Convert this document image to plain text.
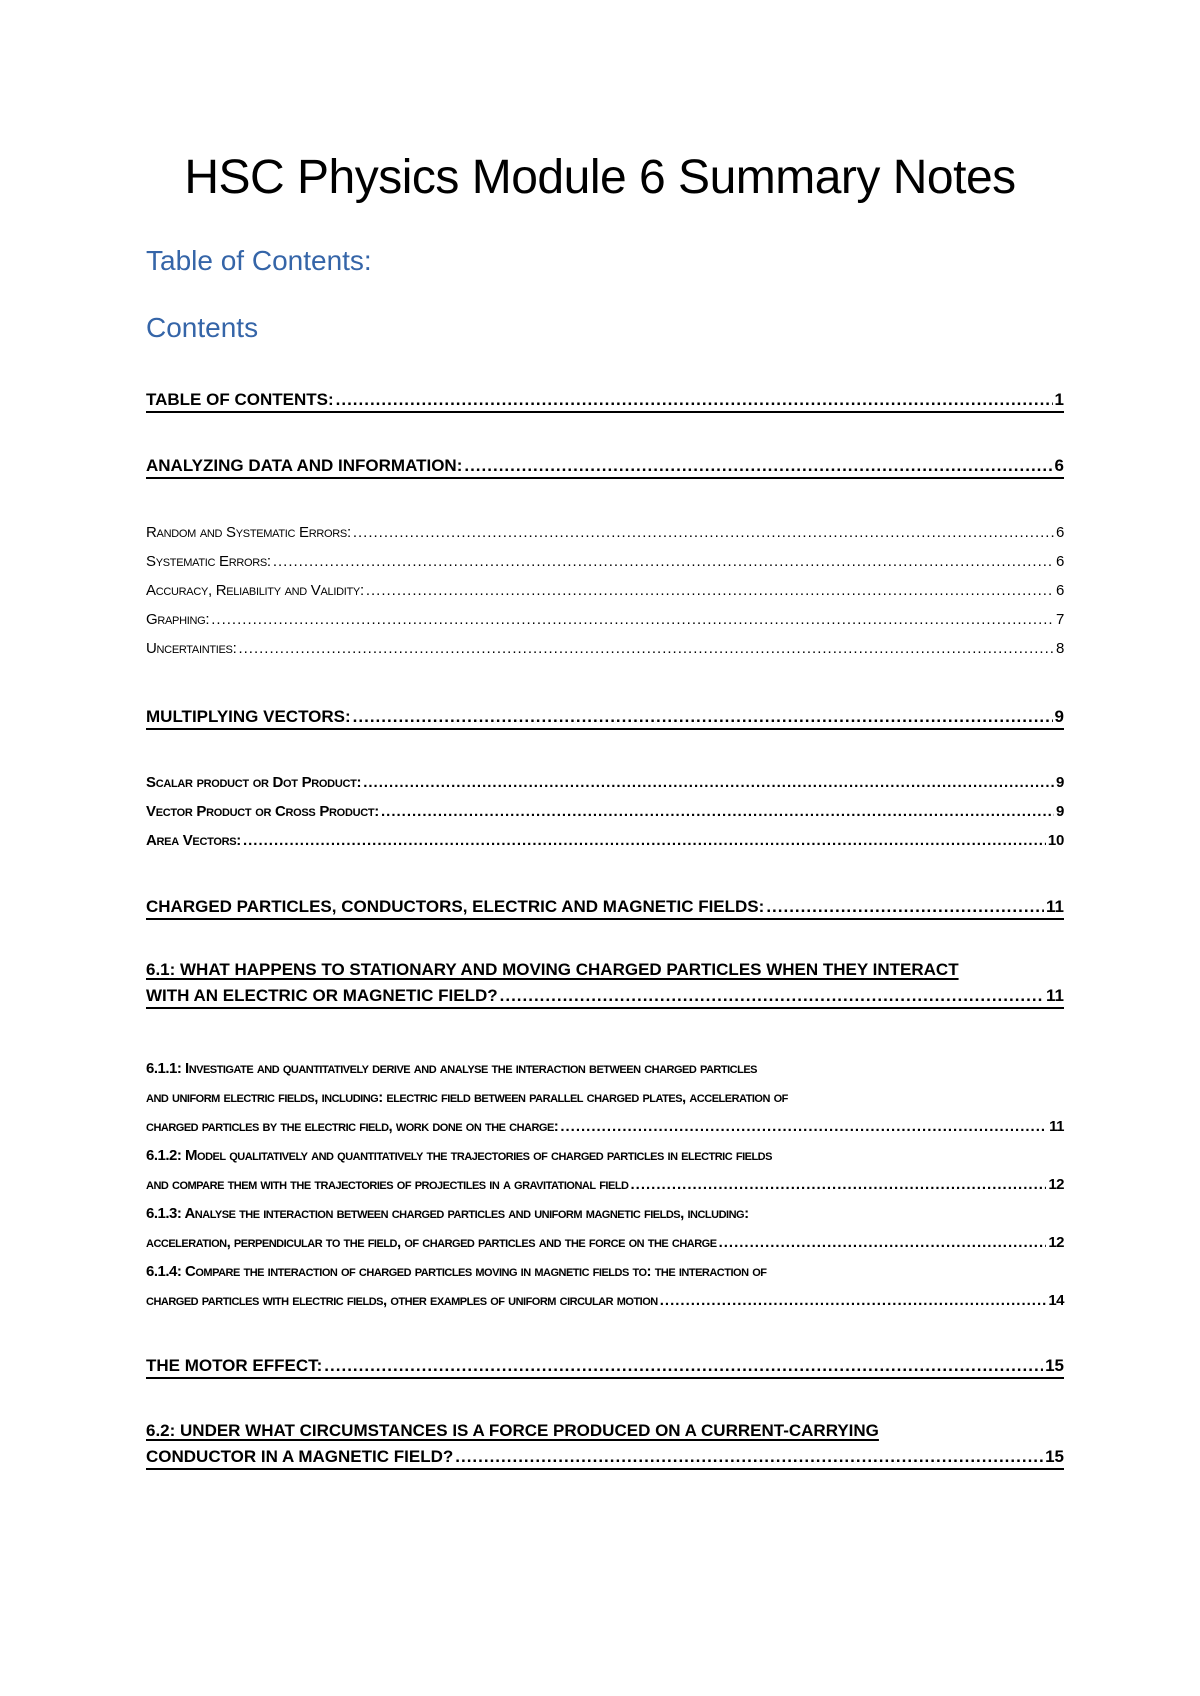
HSC Physics Module 6 Summary Notes
Table of Contents:
Contents
TABLE OF CONTENTS: .....	1
ANALYZING DATA AND INFORMATION: .....	6
Random and Systematic Errors: .....	6
Systematic Errors: .....	6
Accuracy, Reliability and Validity: .....	6
Graphing: .....	7
Uncertainties: .....	8
MULTIPLYING VECTORS: .....	9
Scalar product or Dot Product: .....	9
Vector Product or Cross Product: .....	9
Area Vectors: .....	10
CHARGED PARTICLES, CONDUCTORS, ELECTRIC AND MAGNETIC FIELDS: .....	11
6.1: WHAT HAPPENS TO STATIONARY AND MOVING CHARGED PARTICLES WHEN THEY INTERACT
WITH AN ELECTRIC OR MAGNETIC FIELD? .....	11
6.1.1: Investigate and quantitatively derive and analyse the interaction between charged particles
and uniform electric fields, including: electric field between parallel charged plates, acceleration of
charged particles by the electric field, work done on the charge: .....	11
6.1.2: Model qualitatively and quantitatively the trajectories of charged particles in electric fields
and compare them with the trajectories of projectiles in a gravitational field .....	12
6.1.3: Analyse the interaction between charged particles and uniform magnetic fields, including:
acceleration, perpendicular to the field, of charged particles and the force on the charge .....	12
6.1.4: Compare the interaction of charged particles moving in magnetic fields to: the interaction of
charged particles with electric fields, other examples of uniform circular motion .....	14
THE MOTOR EFFECT: .....	15
6.2: UNDER WHAT CIRCUMSTANCES IS A FORCE PRODUCED ON A CURRENT-CARRYING
CONDUCTOR IN A MAGNETIC FIELD? .....	15
